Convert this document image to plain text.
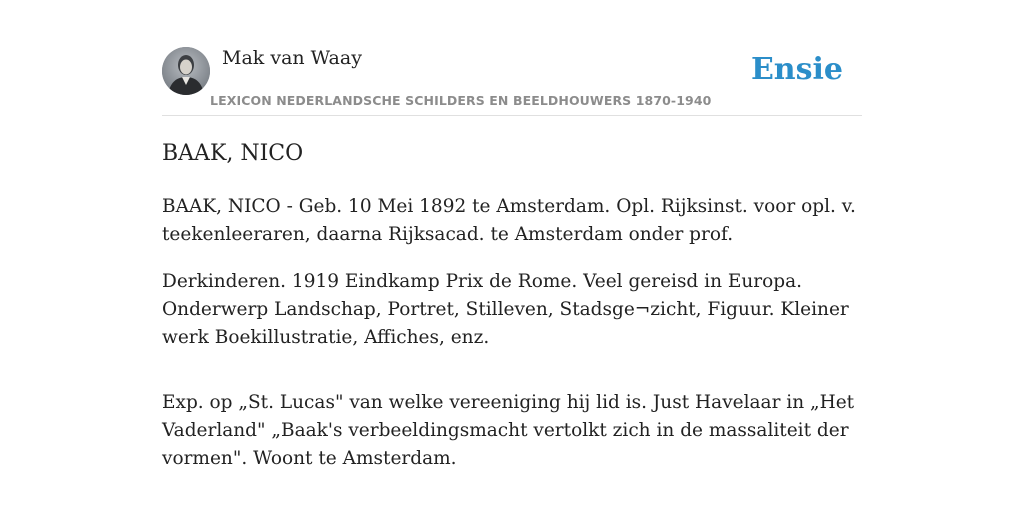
Mak van Waay
LEXICON NEDERLANDSCHE SCHILDERS EN BEELDHOUWERS 1870-1940
Ensie
BAAK, NICO

BAAK, NICO - Geb. 10 Mei 1892 te Amsterdam. Opl. Rijksinst. voor opl. v. teekenleeraren, daarna Rijksacad. te Amsterdam onder prof.

Derkinderen. 1919 Eindkamp Prix de Rome. Veel gereisd in Europa. Onderwerp Landschap, Portret, Stilleven, Stadsge¬zicht, Figuur. Kleiner werk Boekillustratie, Affiches, enz.

Exp. op „St. Lucas" van welke vereeniging hij lid is. Just Havelaar in „Het Vaderland" „Baak's verbeeldingsmacht vertolkt zich in de massaliteit der vormen". Woont te Amsterdam.
